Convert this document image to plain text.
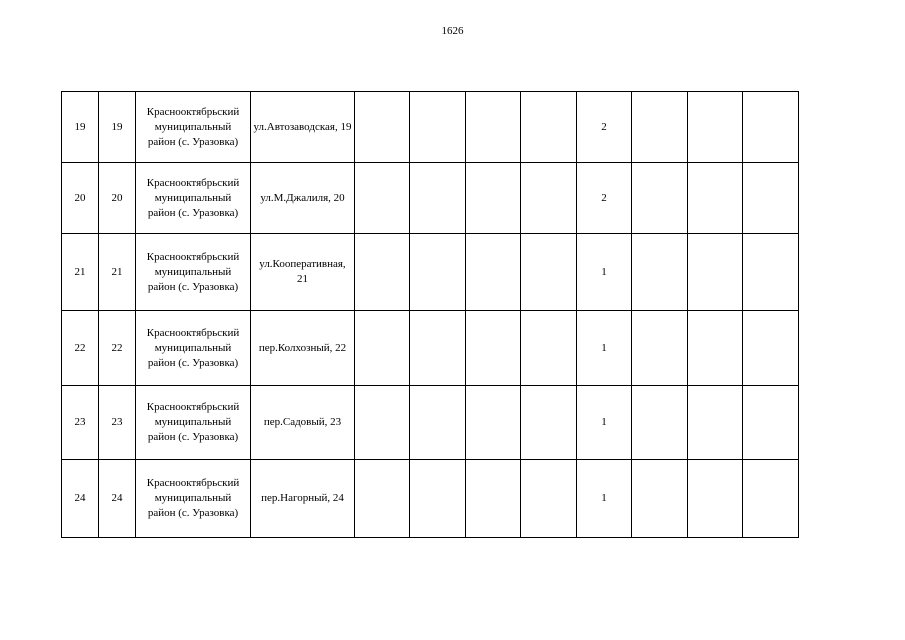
1626
19	19	Краснооктябрьский
муниципальный
район (с. Уразовка)	ул.Автозаводская, 19					2			
20	20	Краснооктябрьский
муниципальный
район (с. Уразовка)	ул.М.Джалиля, 20					2			
21	21	Краснооктябрьский
муниципальный
район (с. Уразовка)	ул.Кооперативная, 21					1			
22	22	Краснооктябрьский
муниципальный
район (с. Уразовка)	пер.Колхозный, 22					1			
23	23	Краснооктябрьский
муниципальный
район (с. Уразовка)	пер.Садовый, 23					1			
24	24	Краснооктябрьский
муниципальный
район (с. Уразовка)	пер.Нагорный, 24					1			
